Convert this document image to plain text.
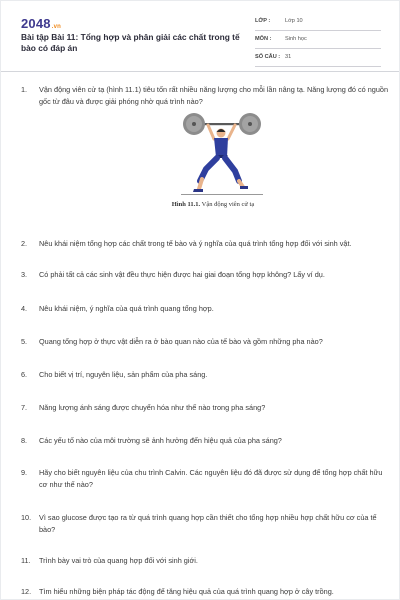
2048.vn
Bài tập Bài 11: Tổng hợp và phân giải các chất trong tế bào có đáp án
LỚP :	Lớp 10
MÔN : Sinh học
SỐ CÂU : 31
1. Vận động viên cử tạ (hình 11.1) tiêu tốn rất nhiều năng lượng cho mỗi lần nâng tạ. Năng lượng đó có nguồn gốc từ đâu và được giải phóng nhờ quá trình nào?
Hình 11.1. Vận động viên cử tạ
2. Nêu khái niệm tổng hợp các chất trong tế bào và ý nghĩa của quá trình tổng hợp đối với sinh vật.
3. Có phải tất cả các sinh vật đều thực hiện được hai giai đoạn tổng hợp không? Lấy ví dụ.
4. Nêu khái niệm, ý nghĩa của quá trình quang tổng hợp.
5. Quang tổng hợp ở thực vật diễn ra ở bào quan nào của tế bào và gồm những pha nào?
6. Cho biết vị trí, nguyên liệu, sản phẩm của pha sáng.
7. Năng lượng ánh sáng được chuyển hóa như thế nào trong pha sáng?
8. Các yếu tố nào của môi trường sẽ ảnh hưởng đến hiệu quả của pha sáng?
9. Hãy cho biết nguyên liệu của chu trình Calvin. Các nguyên liệu đó đã được sử dụng để tổng hợp chất hữu cơ như thế nào?
10. Vì sao glucose được tạo ra từ quá trình quang hợp cần thiết cho tổng hợp nhiều hợp chất hữu cơ của tế bào?
11. Trình bày vai trò của quang hợp đối với sinh giới.
12. Tìm hiểu những biện pháp tác động để tăng hiệu quả của quá trình quang hợp ở cây trồng.
